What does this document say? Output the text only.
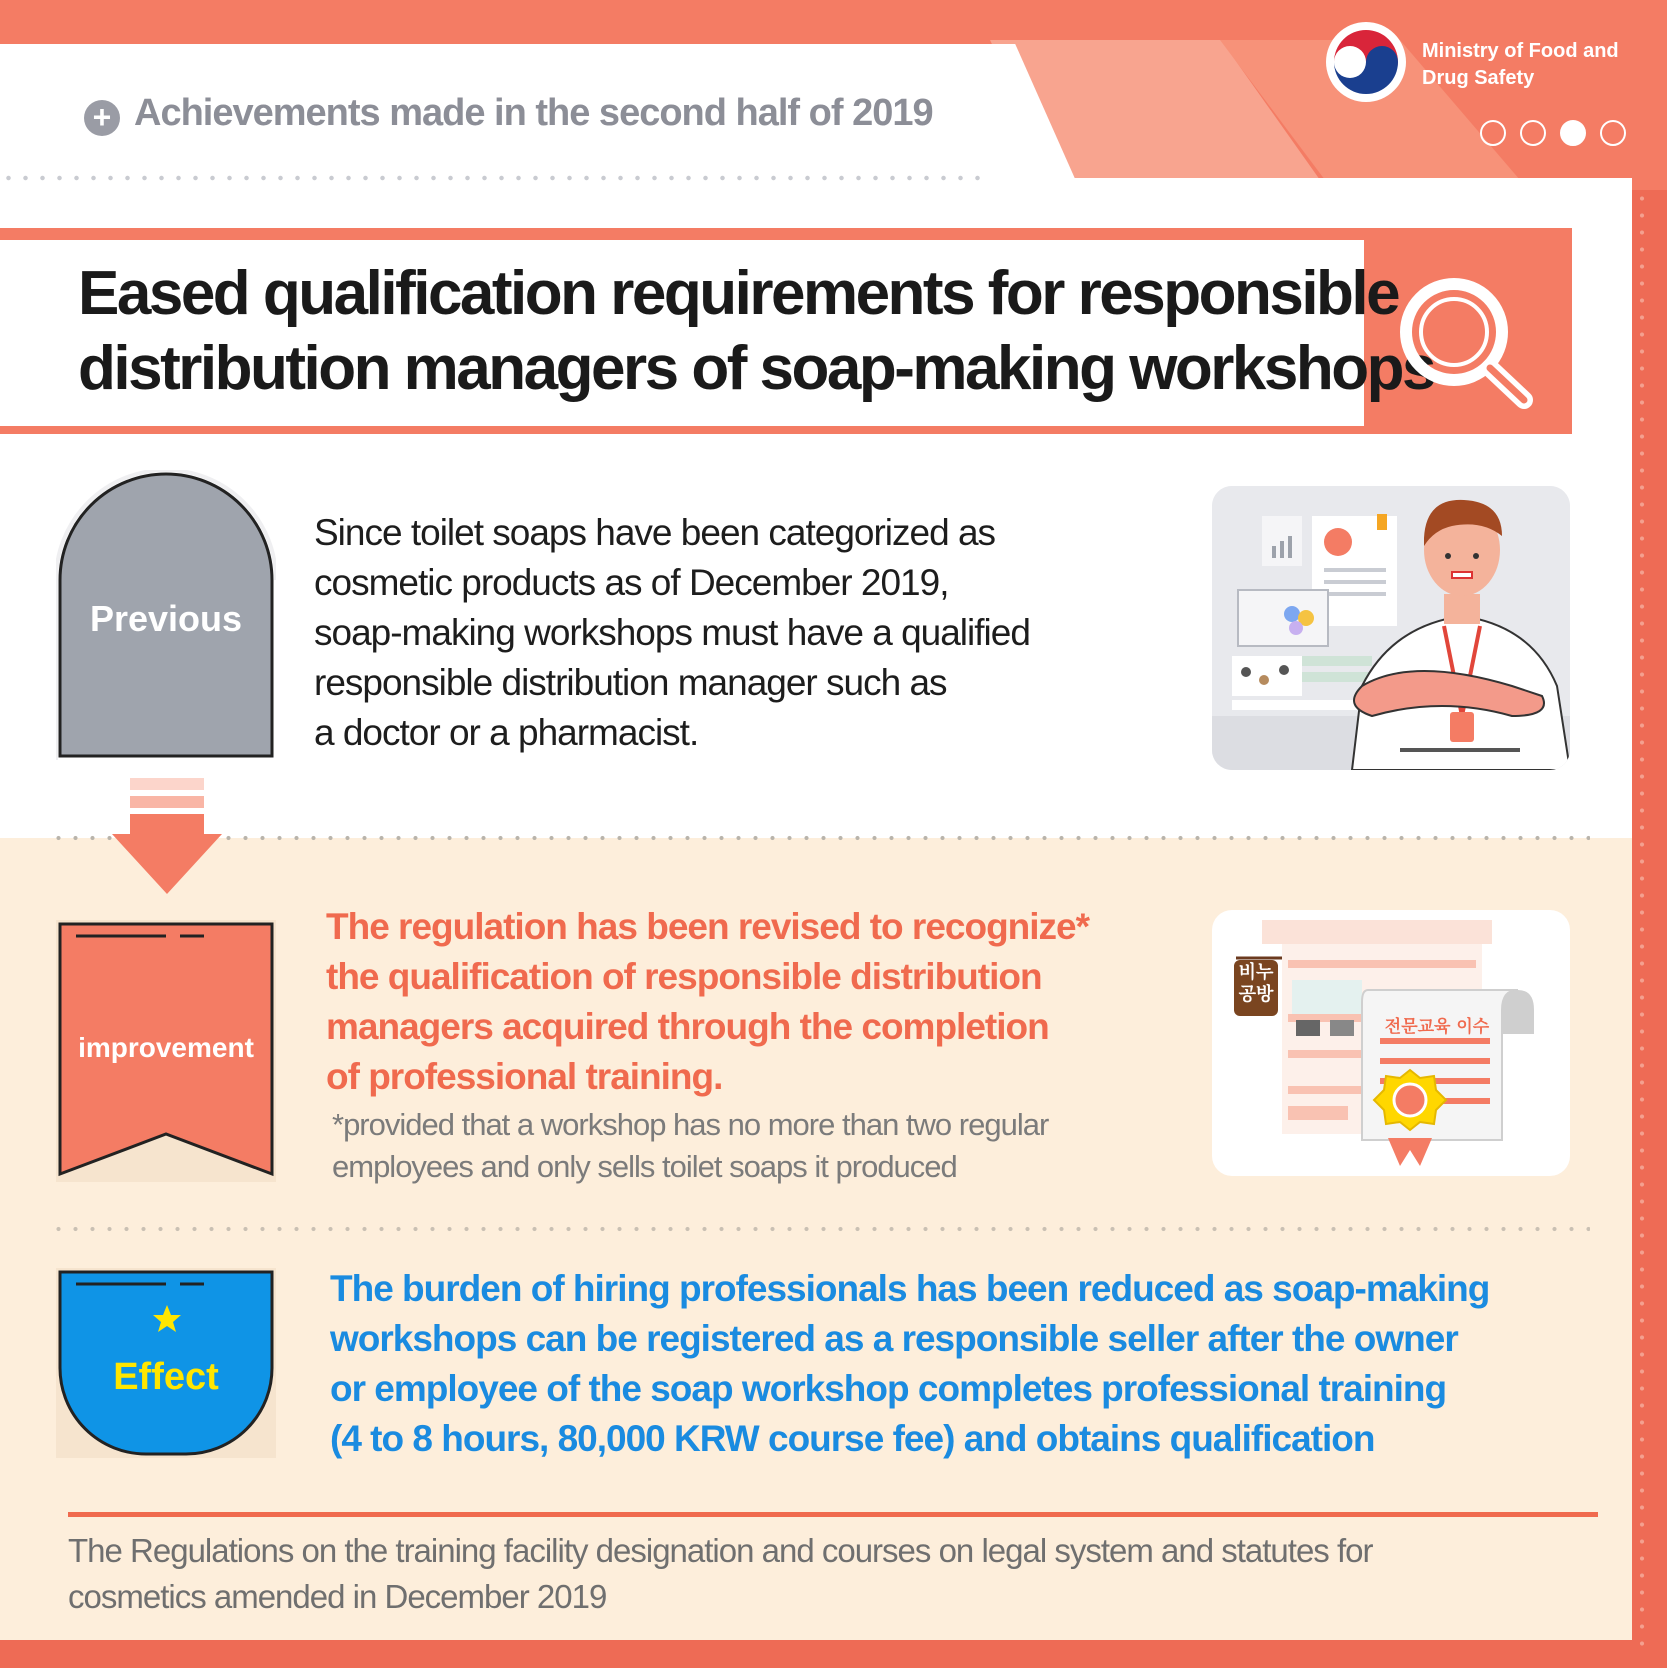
+ Achievements made in the second half of 2019
Ministry of Food and
Drug Safety
Eased qualification requirements for responsible
distribution managers of soap-making workshops
Previous
Since toilet soaps have been categorized as
cosmetic products as of December 2019,
soap-making workshops must have a qualified
responsible distribution manager such as
a doctor or a pharmacist.
improvement
The regulation has been revised to recognize*
the qualification of responsible distribution
managers acquired through the completion
of professional training.
*provided that a workshop has no more than two regular
employees and only sells toilet soaps it produced
비누
공방
전문교육 이수
Effect
The burden of hiring professionals has been reduced as soap-making
workshops can be registered as a responsible seller after the owner
or employee of the soap workshop completes professional training
(4 to 8 hours, 80,000 KRW course fee) and obtains qualification
The Regulations on the training facility designation and courses on legal system and statutes for
cosmetics amended in December 2019
